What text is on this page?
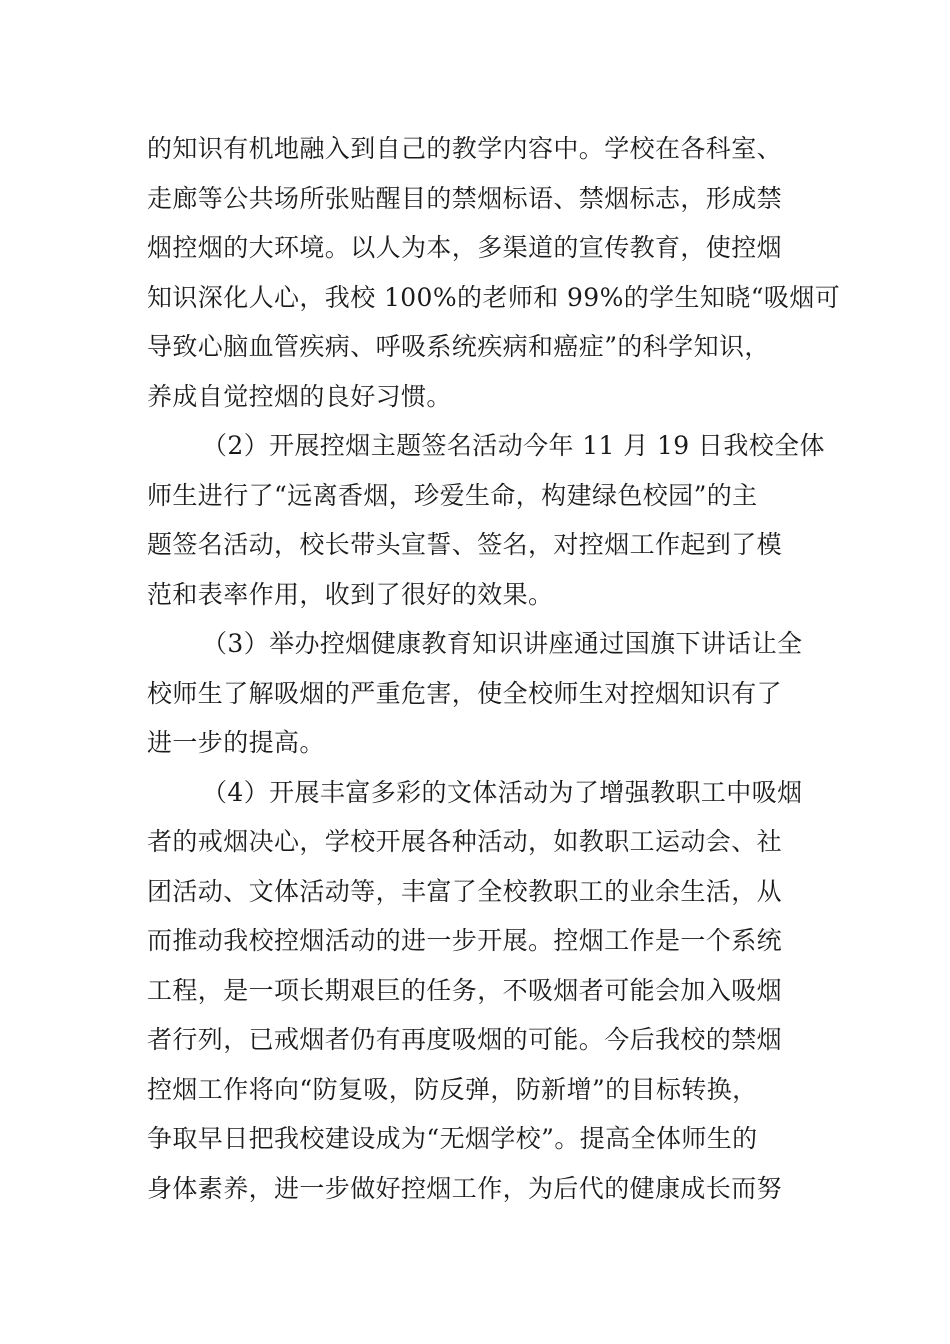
的知识有机地融入到自己的教学内容中。学校在各科室、
走廊等公共场所张贴醒目的禁烟标语、禁烟标志，形成禁
烟控烟的大环境。以人为本，多渠道的宣传教育，使控烟
知识深化人心，我校 100%的老师和 99%的学生知晓“吸烟可
导致心脑血管疾病、呼吸系统疾病和癌症”的科学知识，
养成自觉控烟的良好习惯。
（2）开展控烟主题签名活动今年 11 月 19 日我校全体
师生进行了“远离香烟，珍爱生命，构建绿色校园”的主
题签名活动，校长带头宣誓、签名，对控烟工作起到了模
范和表率作用，收到了很好的效果。
（3）举办控烟健康教育知识讲座通过国旗下讲话让全
校师生了解吸烟的严重危害，使全校师生对控烟知识有了
进一步的提高。
（4）开展丰富多彩的文体活动为了增强教职工中吸烟
者的戒烟决心，学校开展各种活动，如教职工运动会、社
团活动、文体活动等，丰富了全校教职工的业余生活，从
而推动我校控烟活动的进一步开展。控烟工作是一个系统
工程，是一项长期艰巨的任务，不吸烟者可能会加入吸烟
者行列，已戒烟者仍有再度吸烟的可能。今后我校的禁烟
控烟工作将向“防复吸，防反弹，防新增”的目标转换，
争取早日把我校建设成为“无烟学校”。提高全体师生的
身体素养，进一步做好控烟工作，为后代的健康成长而努
